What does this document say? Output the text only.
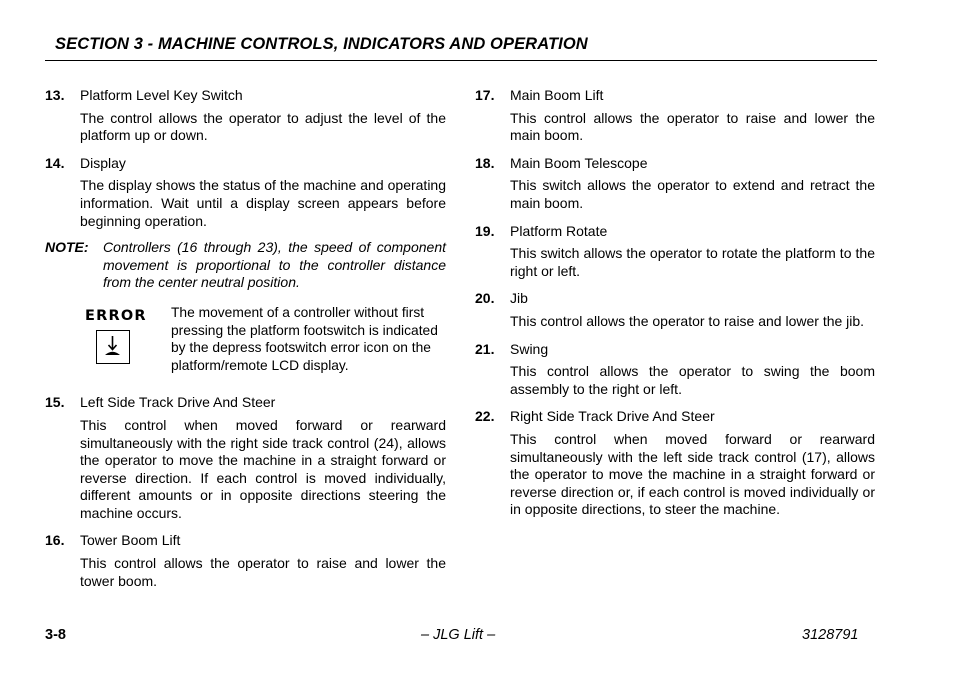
SECTION 3 - MACHINE CONTROLS, INDICATORS AND OPERATION
13.	Platform Level Key Switch
The control allows the operator to adjust the level of the platform up or down.
14.	Display
The display shows the status of the machine and operating information. Wait until a display screen appears before beginning operation.
NOTE:	Controllers (16 through 23), the speed of component movement is proportional to the controller distance from the center neutral position.
ERROR	The movement of a controller without first pressing the platform footswitch is indicated by the depress footswitch error icon on the platform/remote LCD display.
15.	Left Side Track Drive And Steer
This control when moved forward or rearward simultaneously with the right side track control (24), allows the operator to move the machine in a straight forward or reverse direction. If each control is moved individually, different amounts or in opposite directions steering the machine occurs.
16.	Tower Boom Lift
This control allows the operator to raise and lower the tower boom.
17.	Main Boom Lift
This control allows the operator to raise and lower the main boom.
18.	Main Boom Telescope
This switch allows the operator to extend and retract the main boom.
19.	Platform Rotate
This switch allows the operator to rotate the platform to the right or left.
20.	Jib
This control allows the operator to raise and lower the jib.
21.	Swing
This control allows the operator to swing the boom assembly to the right or left.
22.	Right Side Track Drive And Steer
This control when moved forward or rearward simultaneously with the left side track control (17), allows the operator to move the machine in a straight forward or reverse direction or, if each control is moved individually or in opposite directions, to steer the machine.
3-8	– JLG Lift –	3128791
